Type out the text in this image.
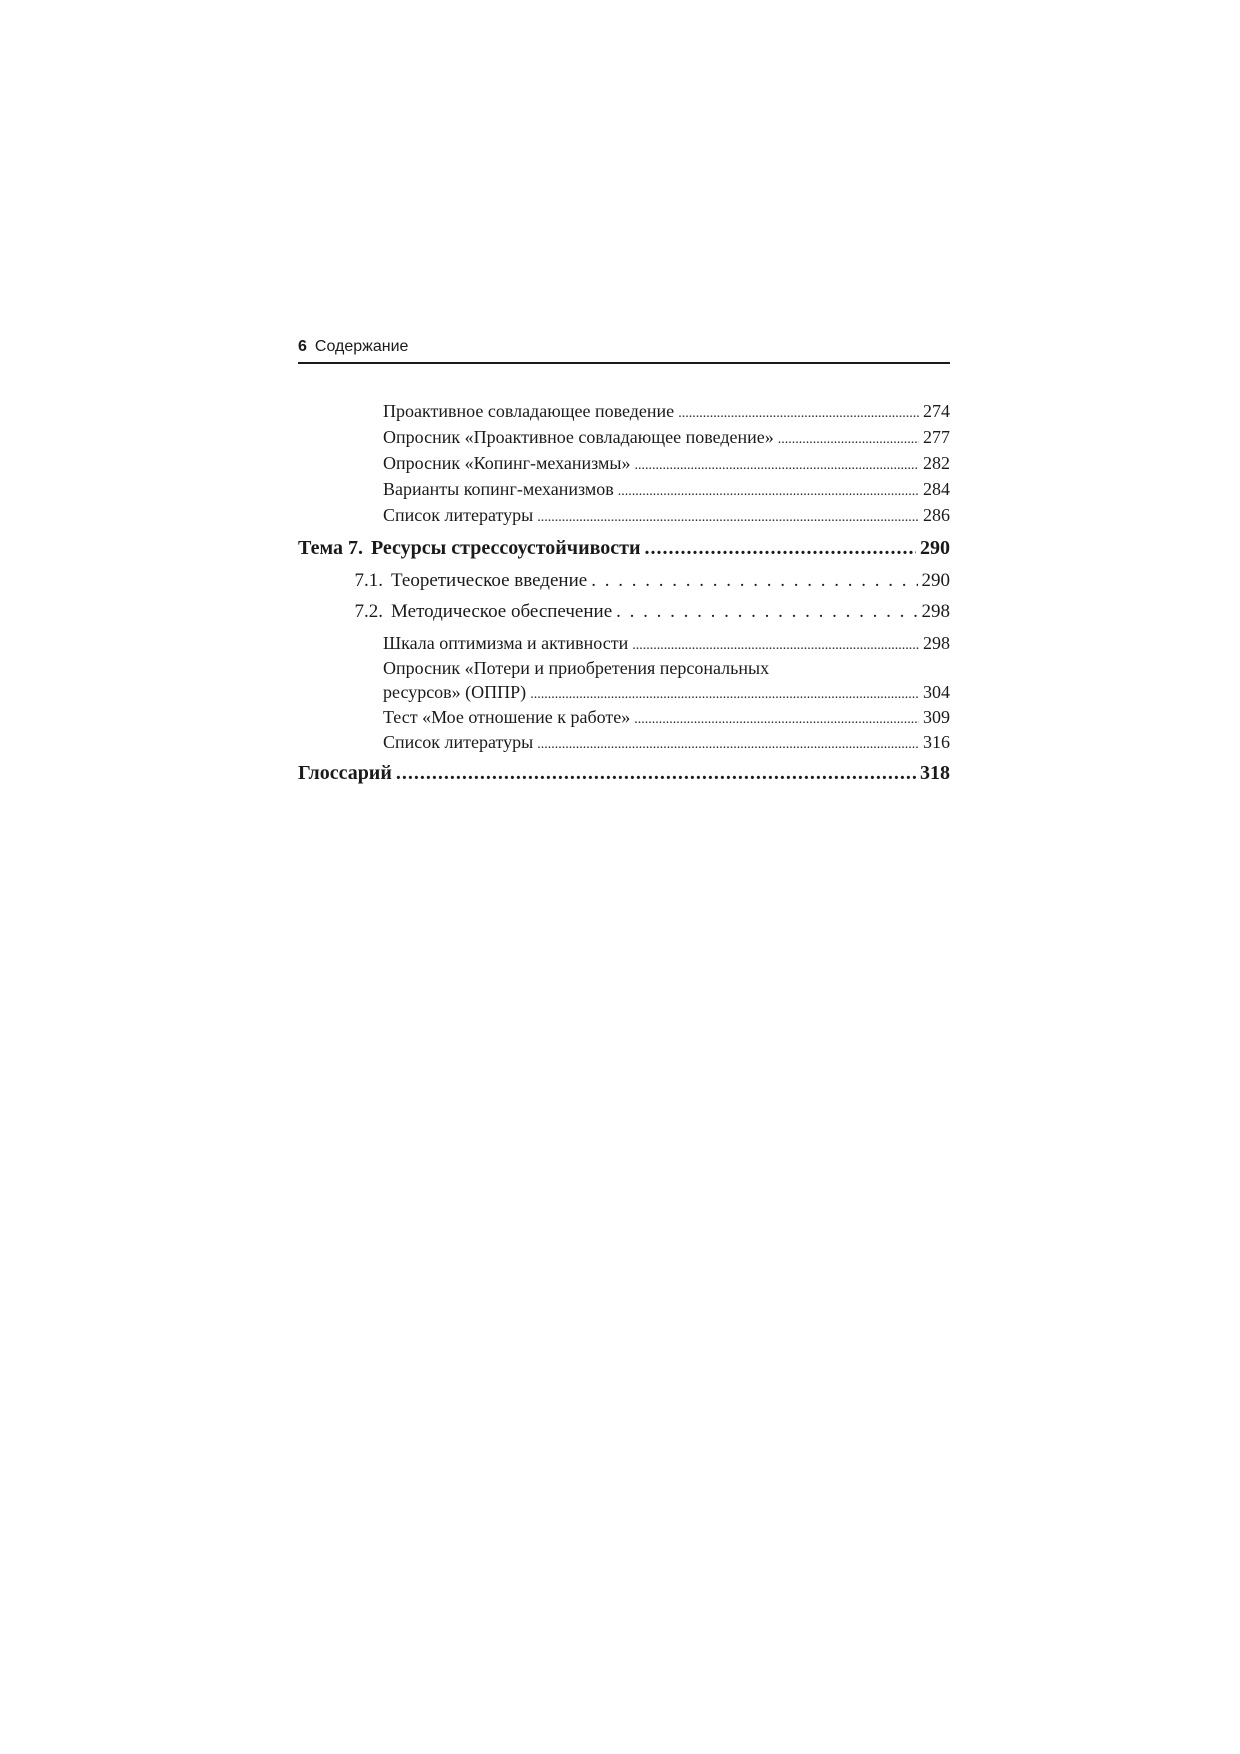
6 Содержание
Проактивное совладающее поведение .....	274
Опросник «Проактивное совладающее поведение» .....	277
Опросник «Копинг-механизмы» .....	282
Варианты копинг-механизмов .....	284
Список литературы .....	286
Тема 7. Ресурсы стрессоустойчивости .....	290
7.1. Теоретическое введение . . .	290
7.2. Методическое обеспечение . . .	298
Шкала оптимизма и активности .....	298
Опросник «Потери и приобретения персональных
ресурсов» (ОППР) .....	304
Тест «Мое отношение к работе» .....	309
Список литературы .....	316
Глоссарий .....	318
